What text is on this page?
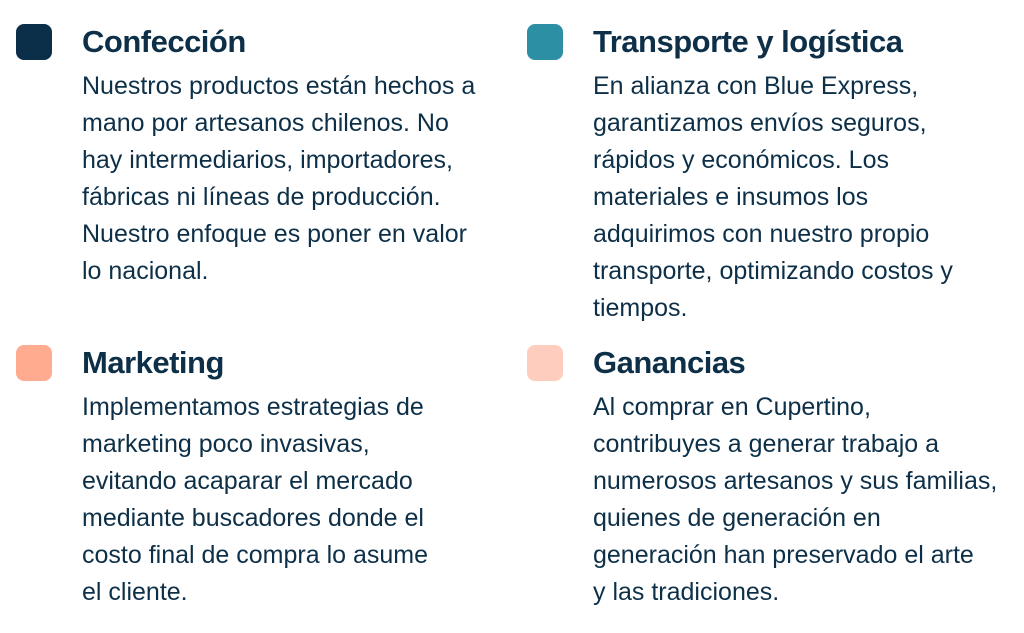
Confección

Nuestros productos están hechos a
mano por artesanos chilenos. No
hay intermediarios, importadores,
fábricas ni líneas de producción.
Nuestro enfoque es poner en valor
lo nacional.

Transporte y logística

En alianza con Blue Express,
garantizamos envíos seguros,
rápidos y económicos. Los
materiales e insumos los
adquirimos con nuestro propio
transporte, optimizando costos y
tiempos.

Marketing

Implementamos estrategias de
marketing poco invasivas,
evitando acaparar el mercado
mediante buscadores donde el
costo final de compra lo asume
el cliente.

Ganancias

Al comprar en Cupertino,
contribuyes a generar trabajo a
numerosos artesanos y sus familias,
quienes de generación en
generación han preservado el arte
y las tradiciones.
